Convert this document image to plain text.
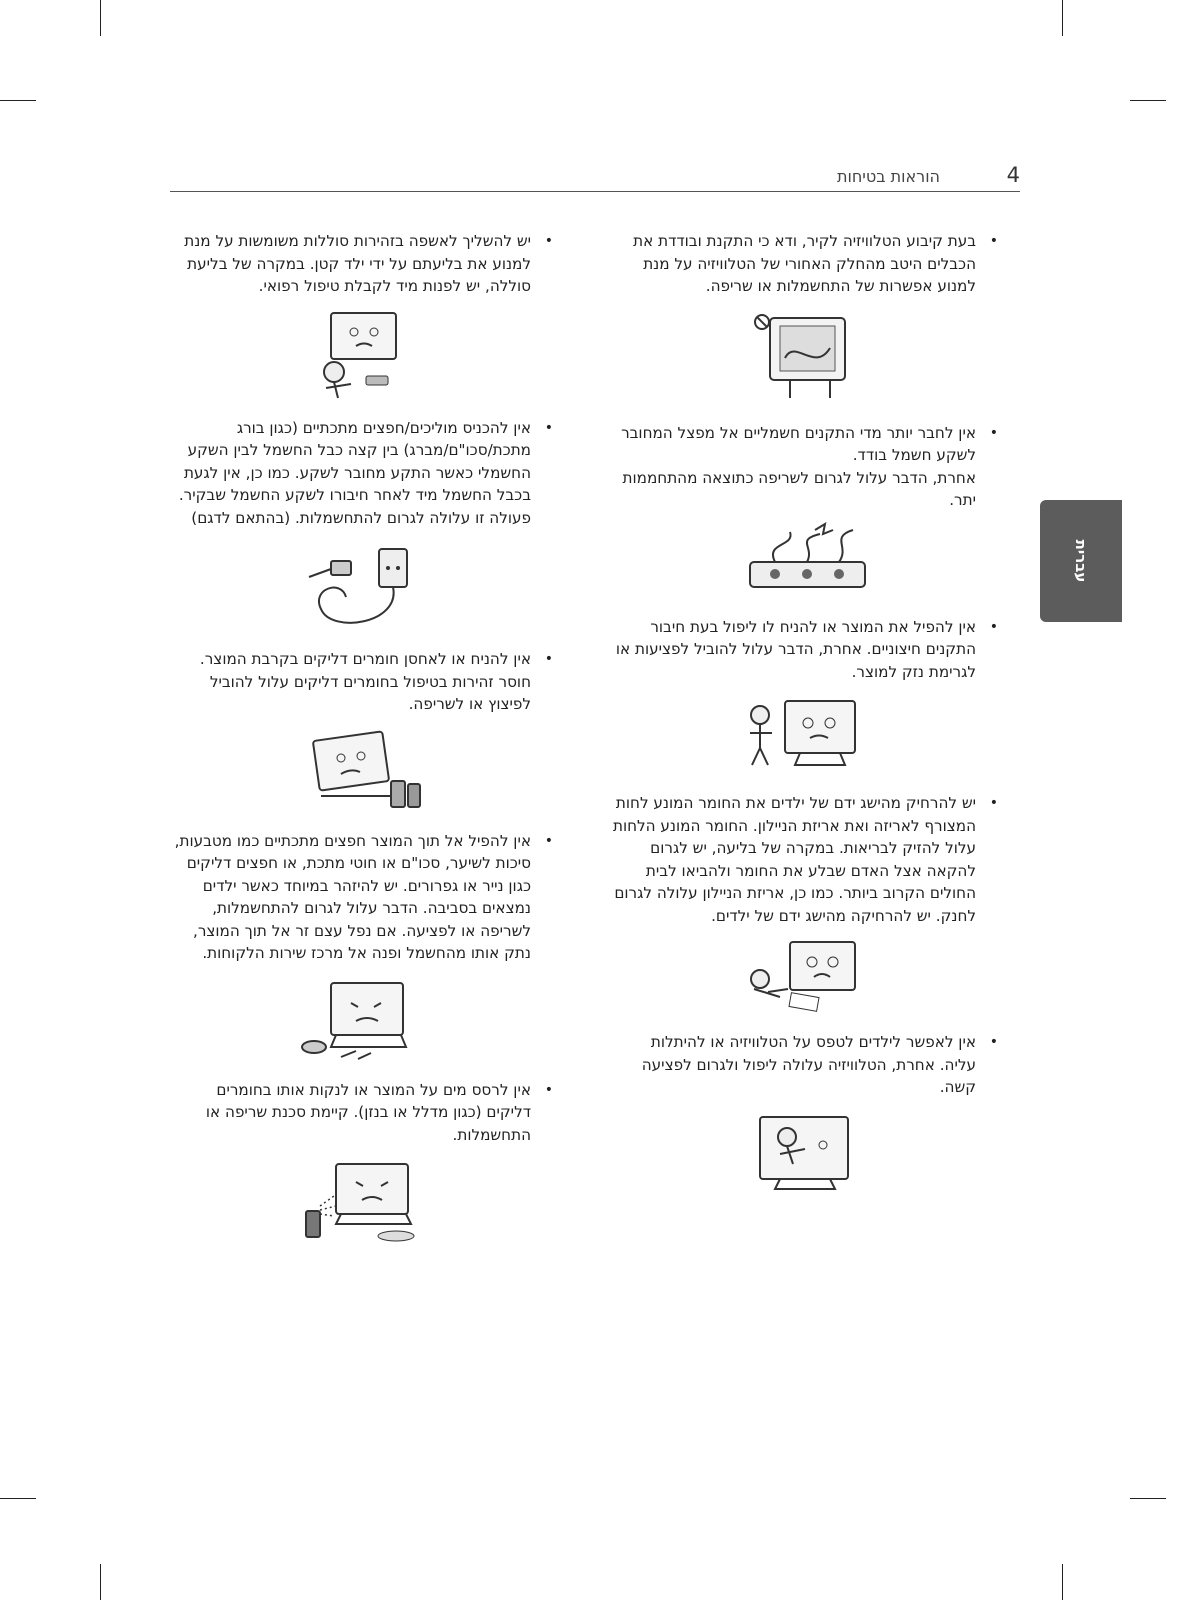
הוראות בטיחות	4
עברית
•

בעת קיבוע הטלוויזיה לקיר, ודא כי התקנת ובודדת את הכבלים היטב מהחלק האחורי של הטלוויזיה על מנת למנוע אפשרות של התחשמלות או שריפה.

•

אין לחבר יותר מדי התקנים חשמליים אל מפצל המחובר לשקע חשמל בודד.

אחרת, הדבר עלול לגרום לשריפה כתוצאה מהתחממות יתר.

•

אין להפיל את המוצר או להניח לו ליפול בעת חיבור התקנים חיצוניים. אחרת, הדבר עלול להוביל לפציעות או לגרימת נזק למוצר.

•

יש להרחיק מהישג ידם של ילדים את החומר המונע לחות המצורף לאריזה ואת אריזת הניילון. החומר המונע הלחות עלול להזיק לבריאות. במקרה של בליעה, יש לגרום להקאה אצל האדם שבלע את החומר ולהביאו לבית החולים הקרוב ביותר. כמו כן, אריזת הניילון עלולה לגרום לחנק. יש להרחיקה מהישג ידם של ילדים.

•

אין לאפשר לילדים לטפס על הטלוויזיה או להיתלות עליה. אחרת, הטלוויזיה עלולה ליפול ולגרום לפציעה קשה.

•

יש להשליך לאשפה בזהירות סוללות משומשות על מנת למנוע את בליעתם על ידי ילד קטן. במקרה של בליעת סוללה, יש לפנות מיד לקבלת טיפול רפואי.

•

אין להכניס מוליכים/חפצים מתכתיים (כגון בורג מתכת/סכו"ם/מברג) בין קצה כבל החשמל לבין השקע החשמלי כאשר התקע מחובר לשקע. כמו כן, אין לגעת בכבל החשמל מיד לאחר חיבורו לשקע החשמל שבקיר. פעולה זו עלולה לגרום להתחשמלות. (בהתאם לדגם)

•

אין להניח או לאחסן חומרים דליקים בקרבת המוצר. חוסר זהירות בטיפול בחומרים דליקים עלול להוביל לפיצוץ או לשריפה.

•

אין להפיל אל תוך המוצר חפצים מתכתיים כמו מטבעות, סיכות לשיער, סכו"ם או חוטי מתכת, או חפצים דליקים כגון נייר או גפרורים. יש להיזהר במיוחד כאשר ילדים נמצאים בסביבה. הדבר עלול לגרום להתחשמלות, לשריפה או לפציעה. אם נפל עצם זר אל תוך המוצר, נתק אותו מהחשמל ופנה אל מרכז שירות הלקוחות.

•

אין לרסס מים על המוצר או לנקות אותו בחומרים דליקים (כגון מדלל או בנזן). קיימת סכנת שריפה או התחשמלות.
